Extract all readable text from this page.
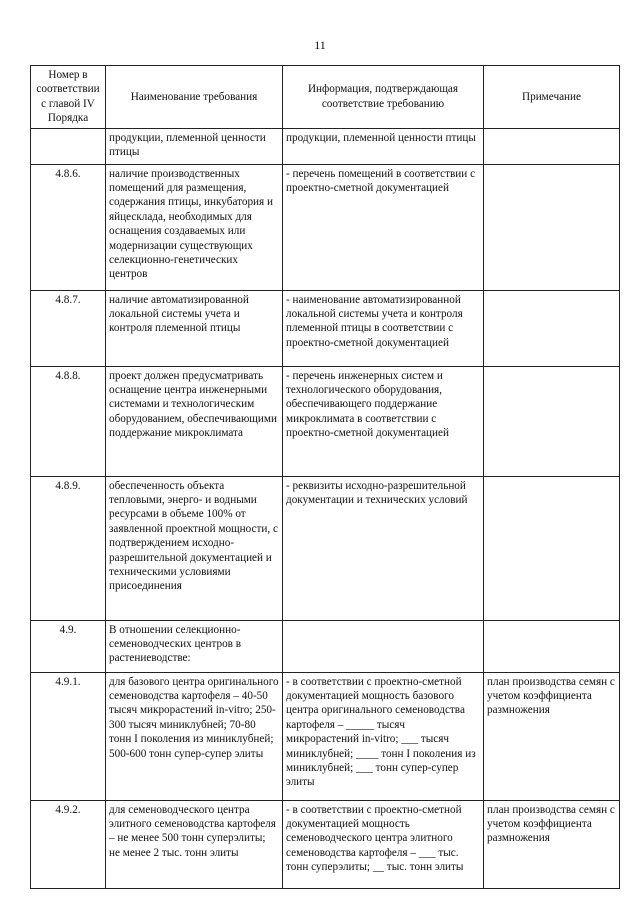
11
Номер в соответствии с главой IV Порядка	Наименование требования	Информация, подтверждающая соответствие требованию	Примечание
	продукции, племенной ценности птицы	продукции, племенной ценности птицы	
4.8.6.	наличие производственных помещений для размещения, содержания птицы, инкубатория и яйцесклада, необходимых для оснащения создаваемых или модернизации существующих селекционно-генетических центров	- перечень помещений в соответствии с проектно-сметной документацией	
4.8.7.	наличие автоматизированной локальной системы учета и контроля племенной птицы	- наименование автоматизированной локальной системы учета и контроля племенной птицы в соответствии с проектно-сметной документацией	
4.8.8.	проект должен предусматривать оснащение центра инженерными системами и технологическим оборудованием, обеспечивающими поддержание микроклимата	- перечень инженерных систем и технологического оборудования, обеспечивающего поддержание микроклимата в соответствии с проектно-сметной документацией	
4.8.9.	обеспеченность объекта тепловыми, энерго- и водными ресурсами в объеме 100% от заявленной проектной мощности, с подтверждением исходно-разрешительной документацией и техническими условиями присоединения	- реквизиты исходно-разрешительной документации и технических условий	
4.9.	В отношении селекционно-семеноводческих центров в растениеводстве:		
4.9.1.	для базового центра оригинального семеноводства картофеля – 40-50 тысяч микрорастений in-vitro; 250-300 тысяч миниклубней; 70-80 тонн I поколения из миниклубней; 500-600 тонн супер-супер элиты	- в соответствии с проектно-сметной документацией мощность базового центра оригинального семеноводства картофеля – _____ тысяч микрорастений in-vitro; ___ тысяч миниклубней; ____ тонн I поколения из миниклубней; ___ тонн супер-супер элиты	план производства семян с учетом коэффициента размножения
4.9.2.	для семеноводческого центра элитного семеноводства картофеля – не менее 500 тонн суперэлиты; не менее 2 тыс. тонн элиты	- в соответствии с проектно-сметной документацией мощность семеноводческого центра элитного семеноводства картофеля – ___ тыс. тонн суперэлиты; __ тыс. тонн элиты	план производства семян с учетом коэффициента размножения
